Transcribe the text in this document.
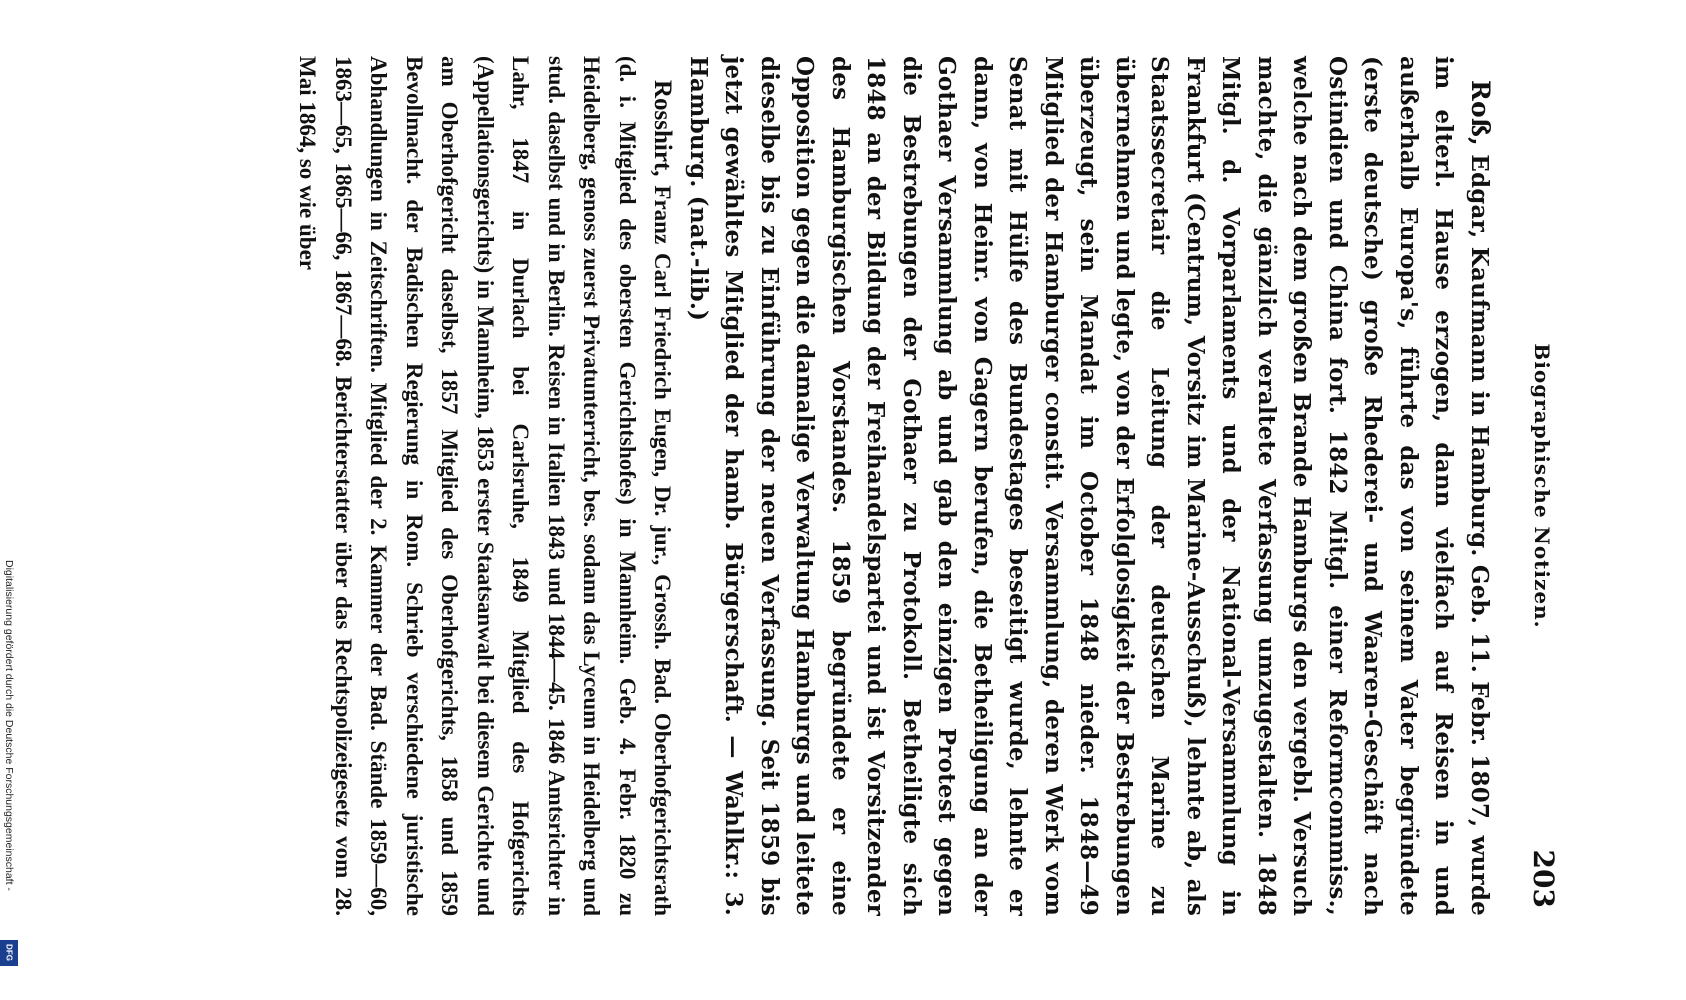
Biographische Notizen.
203

Roß, Edgar, Kaufmann in Hamburg. Geb. 11. Febr. 1807, wurde im elterl. Hause erzogen, dann vielfach auf Reisen in und außerhalb Europa's, führte das von seinem Vater begründete (erste deutsche) große Rhederei- und Waaren-Geschäft nach Ostindien und China fort. 1842 Mitgl. einer Reformcommiss., welche nach dem großen Brande Hamburgs den vergebl. Versuch machte, die gänzlich veraltete Verfassung umzugestalten. 1848 Mitgl. d. Vorparlaments und der National-Versammlung in Frankfurt (Centrum, Vorsitz im Marine-Ausschuß), lehnte ab, als Staatssecretair die Leitung der deutschen Marine zu übernehmen und legte, von der Erfolglosigkeit der Bestrebungen überzeugt, sein Mandat im October 1848 nieder. 1848—49 Mitglied der Hamburger constit. Versammlung, deren Werk vom Senat mit Hülfe des Bundestages beseitigt wurde, lehnte er dann, von Heinr. von Gagern berufen, die Betheiligung an der Gothaer Versammlung ab und gab den einzigen Protest gegen die Bestrebungen der Gothaer zu Protokoll. Betheiligte sich 1848 an der Bildung der Freihandelspartei und ist Vorsitzender des Hamburgischen Vorstandes. 1859 begründete er eine Opposition gegen die damalige Verwaltung Hamburgs und leitete dieselbe bis zu Einführung der neuen Verfassung. Seit 1859 bis jetzt gewähltes Mitglied der hamb. Bürgerschaft. — Wahlkr.: 3. Hamburg. (nat.-lib.)

Rosshirt, Franz Carl Friedrich Eugen, Dr. jur., Grossh. Bad. Oberhofgerichtsrath (d. i. Mitglied des obersten Gerichtshofes) in Mannheim. Geb. 4. Febr. 1820 zu Heidelberg, genoss zuerst Privatunterricht, bes. sodann das Lyceum in Heidelberg und stud. daselbst und in Berlin. Reisen in Italien 1843 und 1844—45. 1846 Amtsrichter in Lahr, 1847 in Durlach bei Carlsruhe, 1849 Mitglied des Hofgerichts (Appellationsgerichts) in Mannheim, 1853 erster Staatsanwalt bei diesem Gerichte und am Oberhofgericht daselbst, 1857 Mitglied des Oberhofgerichts, 1858 und 1859 Bevollmacht. der Badischen Regierung in Rom. Schrieb verschiedene juristische Abhandlungen in Zeitschriften. Mitglied der 2. Kammer der Bad. Stände 1859—60, 1863—65, 1865—66, 1867—68. Berichterstatter über das Rechtspolizeigesetz vom 28. Mai 1864, so wie über

Digitalisierung gefördert durch die Deutsche Forschungsgemeinschaft -
DFG
